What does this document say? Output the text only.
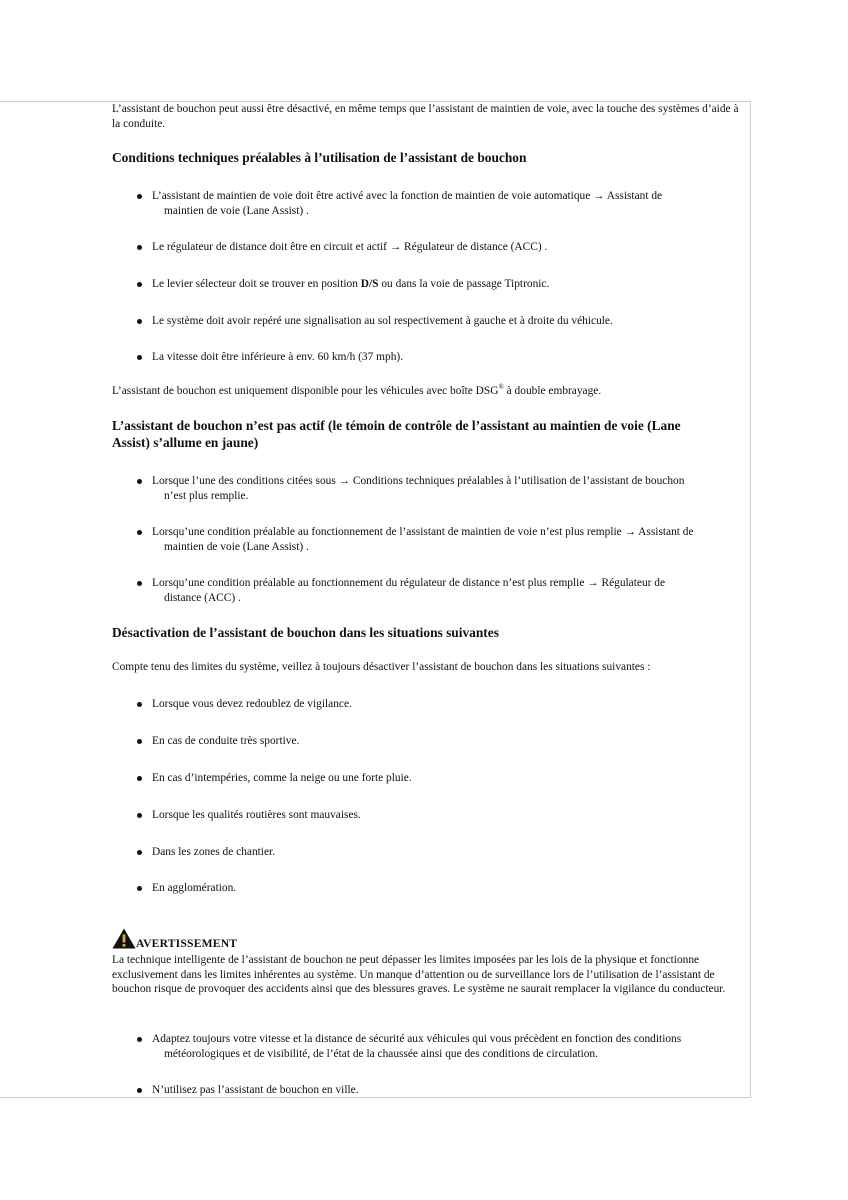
L’assistant de bouchon peut aussi être désactivé, en même temps que l’assistant de maintien de voie, avec la touche des systèmes d’aide à la conduite.

Conditions techniques préalables à l’utilisation de l’assistant de bouchon

L’assistant de maintien de voie doit être activé avec la fonction de maintien de voie automatique → Assistant de
maintien de voie (Lane Assist) .

Le régulateur de distance doit être en circuit et actif → Régulateur de distance (ACC) .

Le levier sélecteur doit se trouver en position D/S ou dans la voie de passage Tiptronic.

Le système doit avoir repéré une signalisation au sol respectivement à gauche et à droite du véhicule.

La vitesse doit être inférieure à env. 60 km/h (37 mph).

L’assistant de bouchon est uniquement disponible pour les véhicules avec boîte DSG® à double embrayage.

L’assistant de bouchon n’est pas actif (le témoin de contrôle de l’assistant au maintien de voie (Lane
Assist) s’allume en jaune)

Lorsque l’une des conditions citées sous → Conditions techniques préalables à l’utilisation de l’assistant de bouchon
n’est plus remplie.

Lorsqu’une condition préalable au fonctionnement de l’assistant de maintien de voie n’est plus remplie → Assistant de
maintien de voie (Lane Assist) .

Lorsqu’une condition préalable au fonctionnement du régulateur de distance n’est plus remplie → Régulateur de
distance (ACC) .

Désactivation de l’assistant de bouchon dans les situations suivantes

Compte tenu des limites du système, veillez à toujours désactiver l’assistant de bouchon dans les situations suivantes :

Lorsque vous devez redoublez de vigilance.

En cas de conduite très sportive.

En cas d’intempéries, comme la neige ou une forte pluie.

Lorsque les qualités routières sont mauvaises.

Dans les zones de chantier.

En agglomération.

AVERTISSEMENT

La technique intelligente de l’assistant de bouchon ne peut dépasser les limites imposées par les lois de la physique et fonctionne exclusivement dans les limites inhérentes au système. Un manque d’attention ou de surveillance lors de l’utilisation de l’assistant de bouchon risque de provoquer des accidents ainsi que des blessures graves. Le système ne saurait remplacer la vigilance du conducteur.

Adaptez toujours votre vitesse et la distance de sécurité aux véhicules qui vous précèdent en fonction des conditions
météorologiques et de visibilité, de l’état de la chaussée ainsi que des conditions de circulation.

N’utilisez pas l’assistant de bouchon en ville.
